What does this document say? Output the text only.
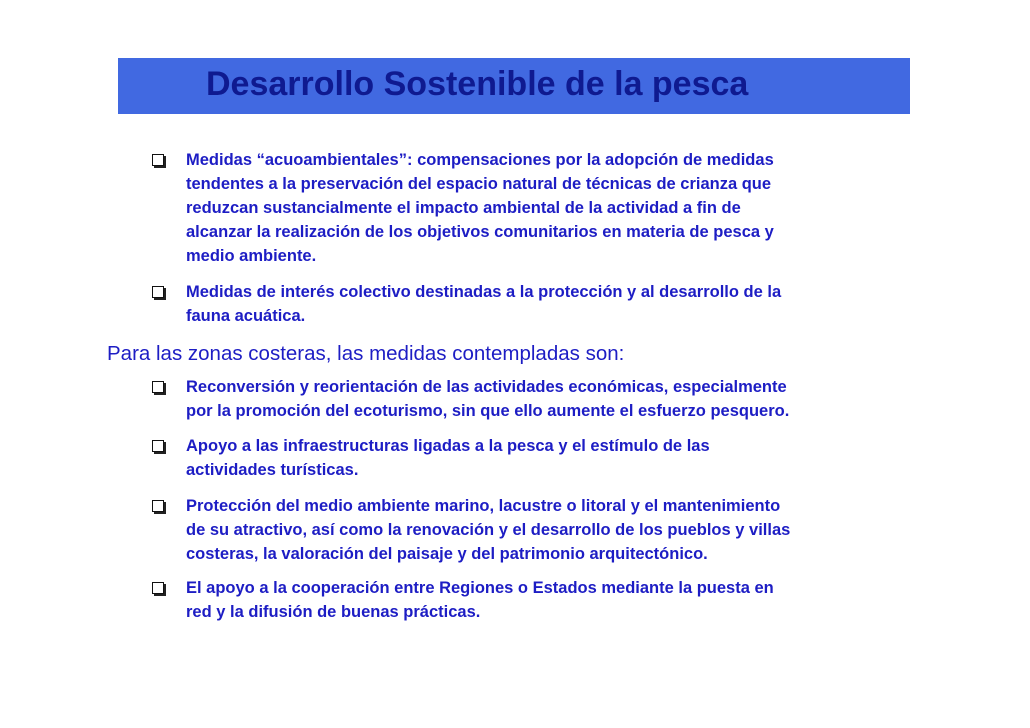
Desarrollo Sostenible de la pesca
Medidas “acuoambientales”: compensaciones por la adopción de medidas
tendentes a la preservación del espacio natural de técnicas de crianza que
reduzcan sustancialmente el impacto ambiental de la actividad a fin de
alcanzar la realización de los objetivos comunitarios en materia de pesca y
medio ambiente.
Medidas de interés colectivo destinadas a la protección y al desarrollo de la
fauna acuática.
Para las zonas costeras, las medidas contempladas son:
Reconversión y reorientación de las actividades económicas, especialmente
por la promoción del ecoturismo, sin que ello aumente el esfuerzo pesquero.
Apoyo a las infraestructuras ligadas a la pesca y el estímulo de las
actividades turísticas.
Protección del medio ambiente marino, lacustre o litoral y el mantenimiento
de su atractivo, así como la renovación y el desarrollo de los pueblos y villas
costeras, la valoración del paisaje y del patrimonio arquitectónico.
El apoyo a la cooperación entre Regiones o Estados mediante la puesta en
red y la difusión de buenas prácticas.
